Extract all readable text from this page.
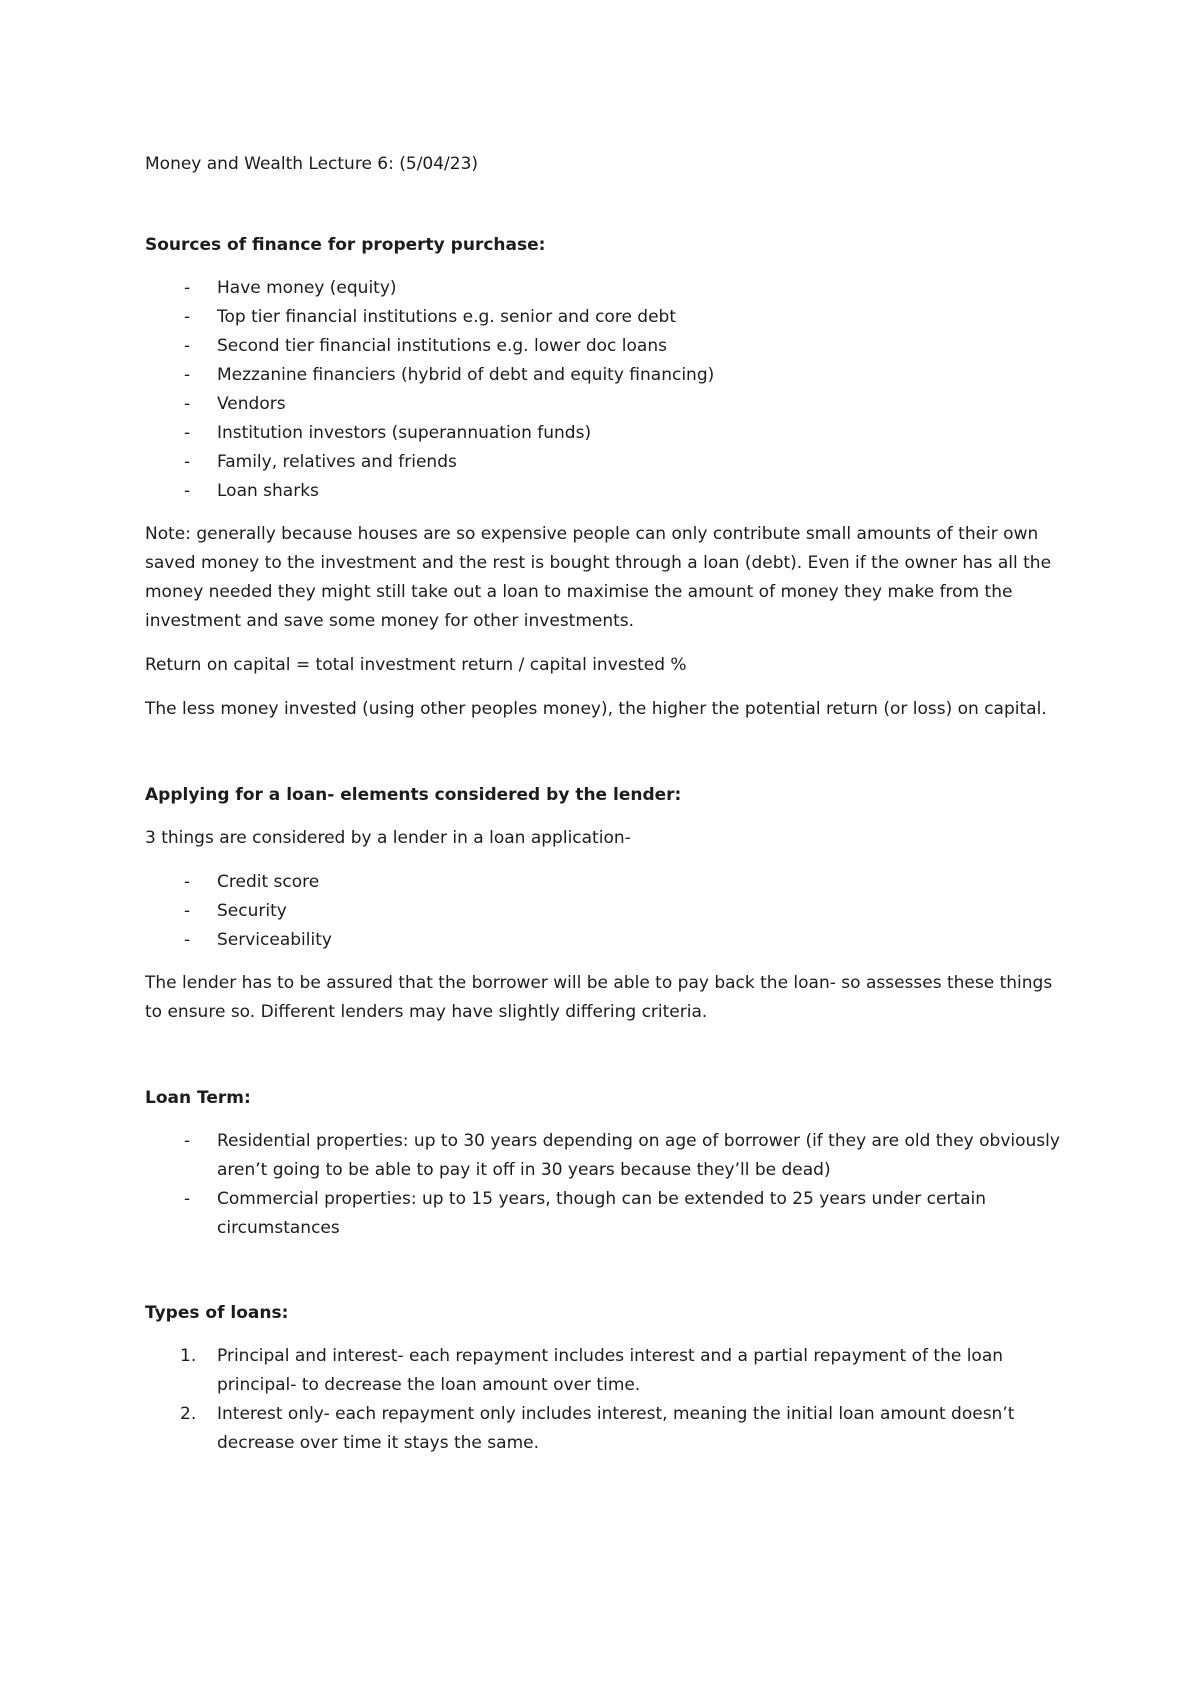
Money and Wealth Lecture 6: (5/04/23)
Sources of finance for property purchase:
- Have money (equity)
- Top tier financial institutions e.g. senior and core debt
- Second tier financial institutions e.g. lower doc loans
- Mezzanine financiers (hybrid of debt and equity financing)
- Vendors
- Institution investors (superannuation funds)
- Family, relatives and friends
- Loan sharks
Note: generally because houses are so expensive people can only contribute small amounts of their own saved money to the investment and the rest is bought through a loan (debt). Even if the owner has all the money needed they might still take out a loan to maximise the amount of money they make from the investment and save some money for other investments.
Return on capital = total investment return / capital invested %
The less money invested (using other peoples money), the higher the potential return (or loss) on capital.
Applying for a loan- elements considered by the lender:
3 things are considered by a lender in a loan application-
- Credit score
- Security
- Serviceability
The lender has to be assured that the borrower will be able to pay back the loan- so assesses these things to ensure so. Different lenders may have slightly differing criteria.
Loan Term:
- Residential properties: up to 30 years depending on age of borrower (if they are old they obviously aren’t going to be able to pay it off in 30 years because they’ll be dead)
- Commercial properties: up to 15 years, though can be extended to 25 years under certain circumstances
Types of loans:
1. Principal and interest- each repayment includes interest and a partial repayment of the loan principal- to decrease the loan amount over time.
2. Interest only- each repayment only includes interest, meaning the initial loan amount doesn’t decrease over time it stays the same.
